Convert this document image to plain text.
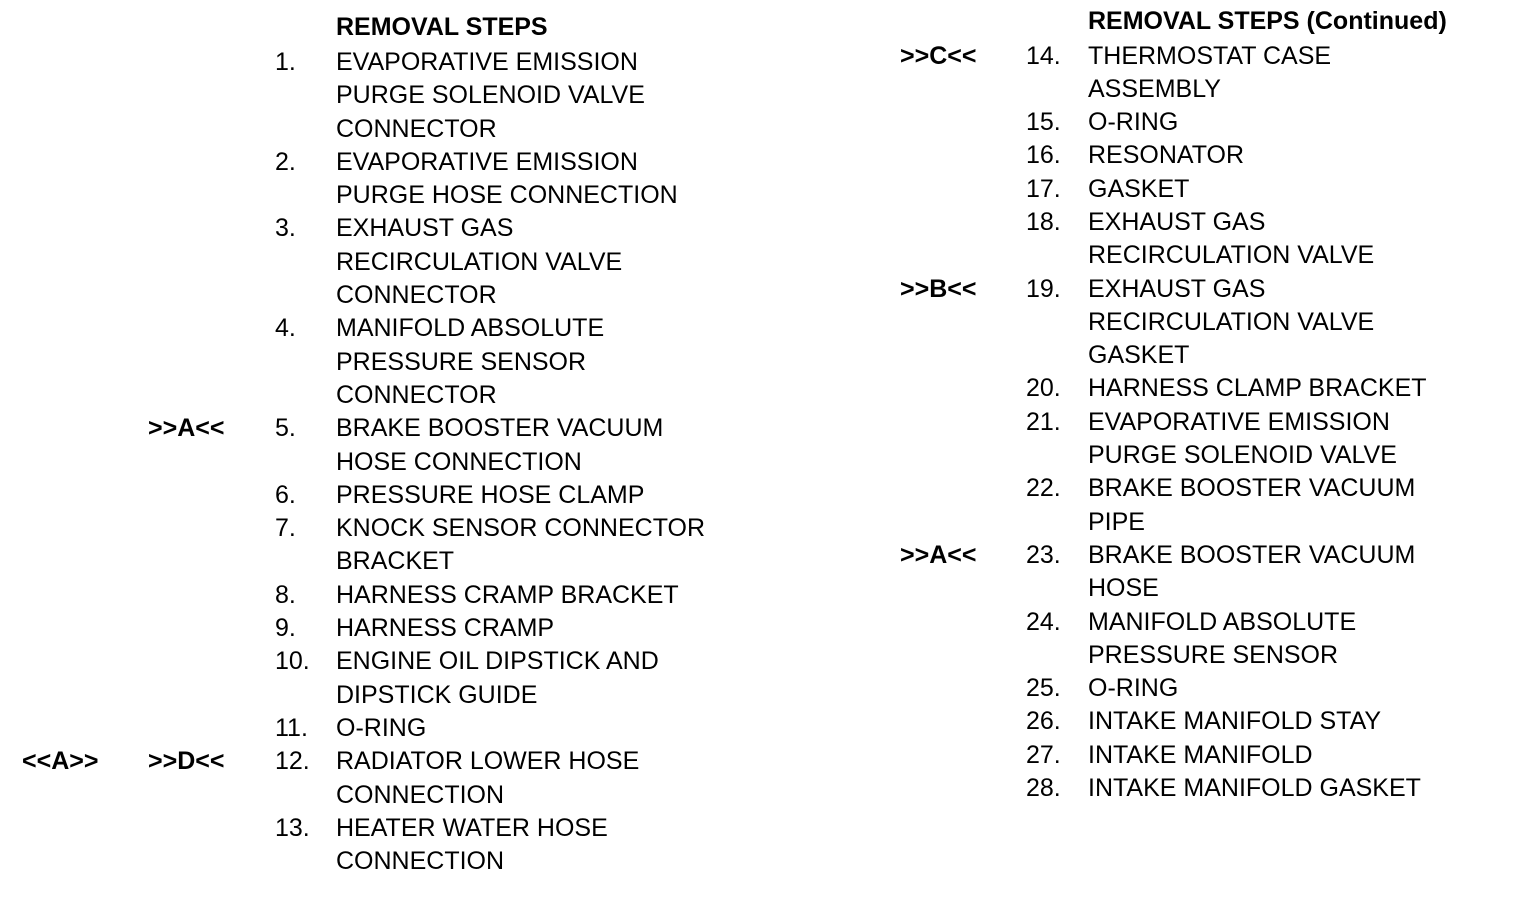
REMOVAL STEPS
1. EVAPORATIVE EMISSION
PURGE SOLENOID VALVE
CONNECTOR
2. EVAPORATIVE EMISSION
PURGE HOSE CONNECTION
3. EXHAUST GAS
RECIRCULATION VALVE
CONNECTOR
4. MANIFOLD ABSOLUTE
PRESSURE SENSOR
CONNECTOR
>>A<< 5. BRAKE BOOSTER VACUUM
HOSE CONNECTION
6. PRESSURE HOSE CLAMP
7. KNOCK SENSOR CONNECTOR
BRACKET
8. HARNESS CRAMP BRACKET
9. HARNESS CRAMP
10. ENGINE OIL DIPSTICK AND
DIPSTICK GUIDE
11. O-RING
<<A>> >>D<< 12. RADIATOR LOWER HOSE
CONNECTION
13. HEATER WATER HOSE
CONNECTION
REMOVAL STEPS (Continued)
>>C<< 14. THERMOSTAT CASE
ASSEMBLY
15. O-RING
16. RESONATOR
17. GASKET
18. EXHAUST GAS
RECIRCULATION VALVE
>>B<< 19. EXHAUST GAS
RECIRCULATION VALVE
GASKET
20. HARNESS CLAMP BRACKET
21. EVAPORATIVE EMISSION
PURGE SOLENOID VALVE
22. BRAKE BOOSTER VACUUM
PIPE
>>A<< 23. BRAKE BOOSTER VACUUM
HOSE
24. MANIFOLD ABSOLUTE
PRESSURE SENSOR
25. O-RING
26. INTAKE MANIFOLD STAY
27. INTAKE MANIFOLD
28. INTAKE MANIFOLD GASKET
